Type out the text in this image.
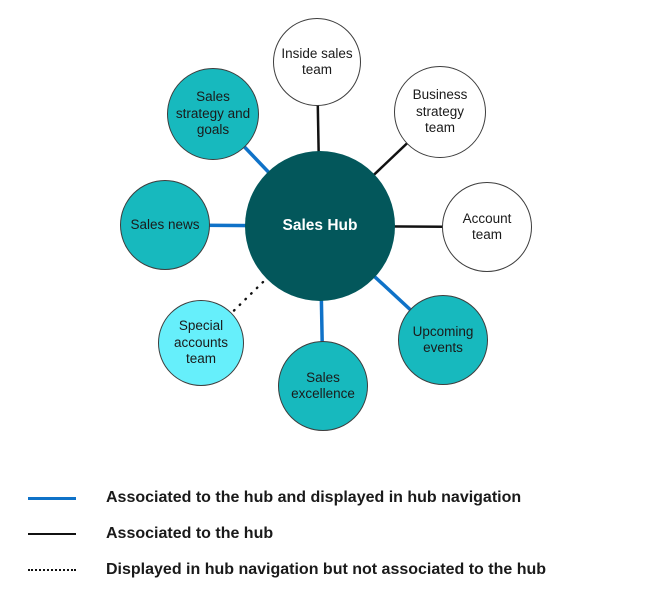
Sales Hub
Inside sales team
Business strategy team
Account team
Upcoming events
Sales excellence
Special accounts team
Sales news
Sales strategy and goals
Associated to the hub and displayed in hub navigation
Associated to the hub
Displayed in hub navigation but not associated to the hub
